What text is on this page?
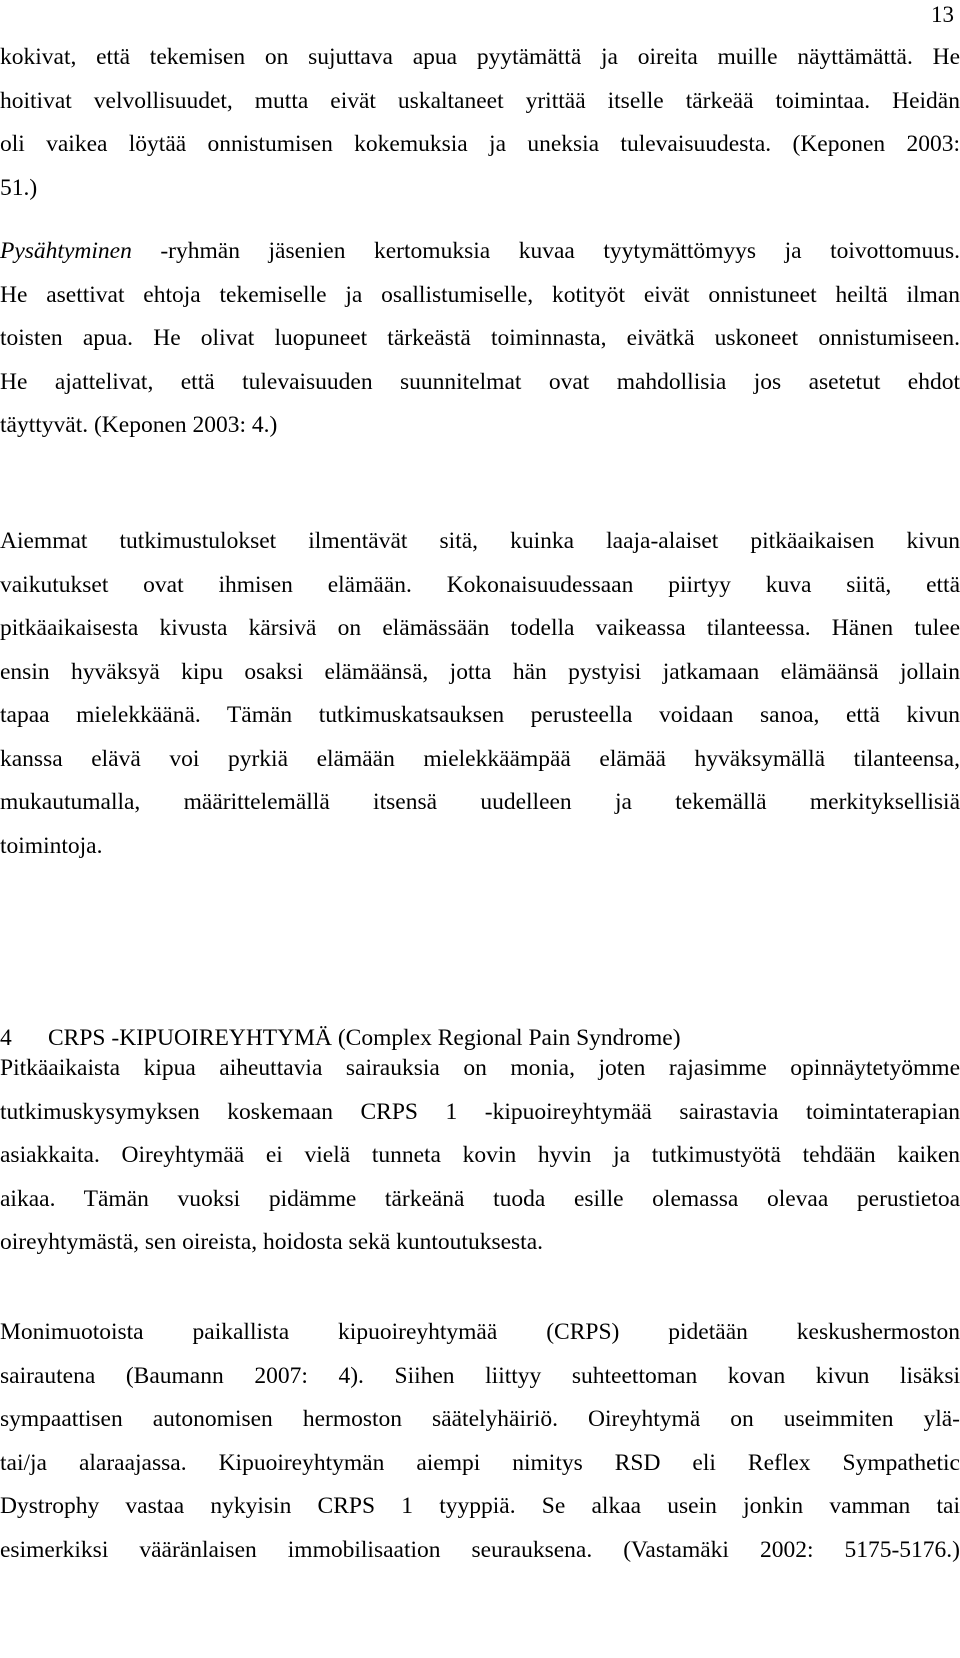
13
kokivat, että tekemisen on sujuttava apua pyytämättä ja oireita muille näyttämättä. He
hoitivat velvollisuudet, mutta eivät uskaltaneet yrittää itselle tärkeää toimintaa. Heidän
oli vaikea löytää onnistumisen kokemuksia ja uneksia tulevaisuudesta. (Keponen 2003:
51.)
Pysähtyminen -ryhmän jäsenien kertomuksia kuvaa tyytymättömyys ja toivottomuus.
He asettivat ehtoja tekemiselle ja osallistumiselle, kotityöt eivät onnistuneet heiltä ilman
toisten apua. He olivat luopuneet tärkeästä toiminnasta, eivätkä uskoneet onnistumiseen.
He ajattelivat, että tulevaisuuden suunnitelmat ovat mahdollisia jos asetetut ehdot
täyttyvät. (Keponen 2003: 4.)
Aiemmat tutkimustulokset ilmentävät sitä, kuinka laaja-alaiset pitkäaikaisen kivun
vaikutukset ovat ihmisen elämään. Kokonaisuudessaan piirtyy kuva siitä, että
pitkäaikaisesta kivusta kärsivä on elämässään todella vaikeassa tilanteessa. Hänen tulee
ensin hyväksyä kipu osaksi elämäänsä, jotta hän pystyisi jatkamaan elämäänsä jollain
tapaa mielekkäänä. Tämän tutkimuskatsauksen perusteella voidaan sanoa, että kivun
kanssa elävä voi pyrkiä elämään mielekkäämpää elämää hyväksymällä tilanteensa,
mukautumalla, määrittelemällä itsensä uudelleen ja tekemällä merkityksellisiä
toimintoja.
4 CRPS -KIPUOIREYHTYMÄ (Complex Regional Pain Syndrome)
Pitkäaikaista kipua aiheuttavia sairauksia on monia, joten rajasimme opinnäytetyömme
tutkimuskysymyksen koskemaan CRPS 1 -kipuoireyhtymää sairastavia toimintaterapian
asiakkaita. Oireyhtymää ei vielä tunneta kovin hyvin ja tutkimustyötä tehdään kaiken
aikaa. Tämän vuoksi pidämme tärkeänä tuoda esille olemassa olevaa perustietoa
oireyhtymästä, sen oireista, hoidosta sekä kuntoutuksesta.
Monimuotoista paikallista kipuoireyhtymää (CRPS) pidetään keskushermoston
sairautena (Baumann 2007: 4). Siihen liittyy suhteettoman kovan kivun lisäksi
sympaattisen autonomisen hermoston säätelyhäiriö. Oireyhtymä on useimmiten ylä-
tai/ja alaraajassa. Kipuoireyhtymän aiempi nimitys RSD eli Reflex Sympathetic
Dystrophy vastaa nykyisin CRPS 1 tyyppiä. Se alkaa usein jonkin vamman tai
esimerkiksi vääränlaisen immobilisaation seurauksena. (Vastamäki 2002: 5175-5176.)
